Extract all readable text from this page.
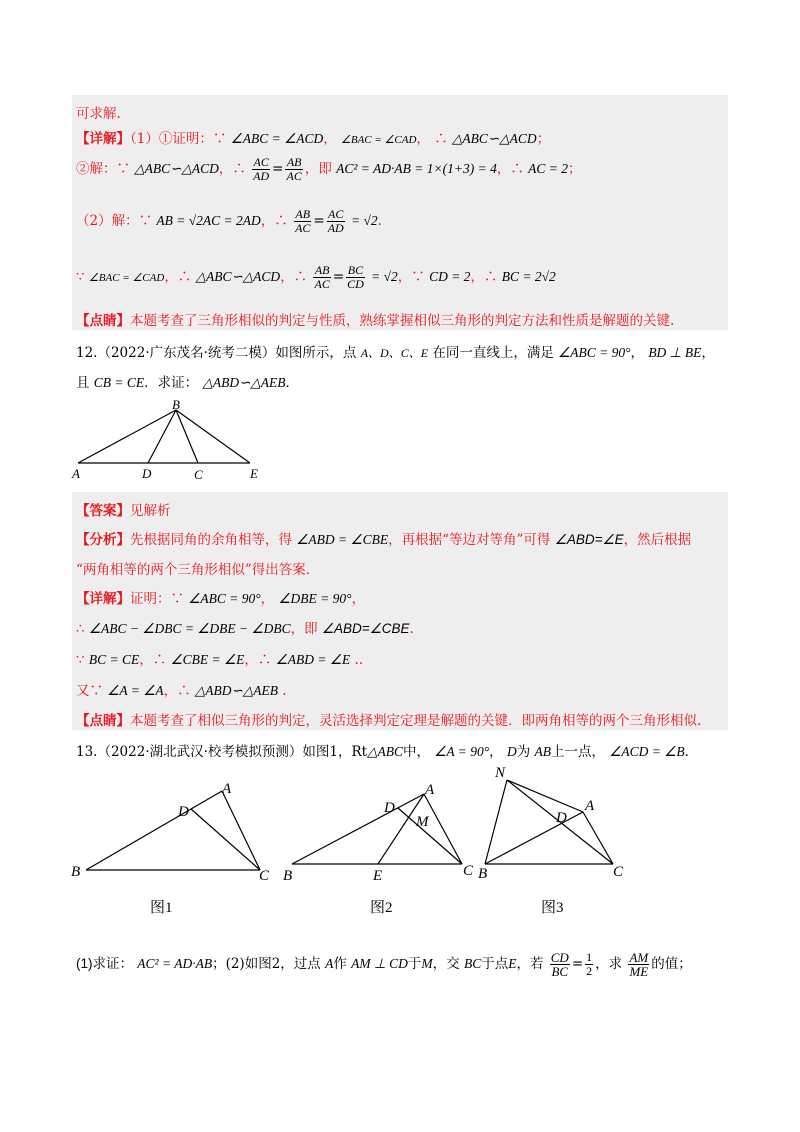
可求解.
【详解】（1）①证明：∵ ∠ABC = ∠ACD， ∠BAC = ∠CAD， ∴ △ABC∽△ACD；
②解：∵ △ABC∽△ACD，∴ $\frac{AC}{AD} = \frac{AB}{AC}$ ，即 AC² = AD·AB = 1×(1+3) = 4，∴ AC = 2；
（2）解：∵ AB = √2AC = 2AD，∴ $\frac{AB}{AC} = \frac{AC}{AD} = √2$.
∵ ∠BAC = ∠CAD，∴ △ABC∽△ACD，∴ $\frac{AB}{AC} = \frac{BC}{CD} = √2$，∵ CD = 2，∴ BC = 2√2
【点睛】本题考查了三角形相似的判定与性质，熟练掌握相似三角形的判定方法和性质是解题的关键.
12.（2022·广东茂名·统考二模）如图所示，点 A、D、C、E 在同一直线上，满足 ∠ABC = 90°， BD ⊥ BE，
且 CB = CE．求证： △ABD∽△AEB．
B
A	D	C	E
【答案】见解析
【分析】先根据同角的余角相等，得 ∠ABD = ∠CBE，再根据“等边对等角”可得 ∠ABD=∠E，然后根据
“两角相等的两个三角形相似”得出答案.
【详解】证明：∵ ∠ABC = 90°， ∠DBE = 90°，
∴ ∠ABC − ∠DBC = ∠DBE − ∠DBC，即 ∠ABD=∠CBE.
∵ BC = CE，∴ ∠CBE = ∠E，∴ ∠ABD = ∠E ..
又∵ ∠A = ∠A，∴ △ABD∽△AEB .
【点睛】本题考查了相似三角形的判定，灵活选择判定定理是解题的关键．即两角相等的两个三角形相似.
13.（2022·湖北武汉·校考模拟预测）如图1，Rt△ABC中， ∠A = 90°， D为 AB上一点， ∠ACD = ∠B．
A
D
B	C
图1
A
D
M
B	E	C
图2
N
A
D
B	C
图3
(1)求证： AC² = AD·AB；(2)如图2，过点 A作 AM ⊥ CD于M，交 BC于点E，若 $\frac{CD}{BC} = \frac{1}{2}$ ，求 $\frac{AM}{ME}$ 的值；
